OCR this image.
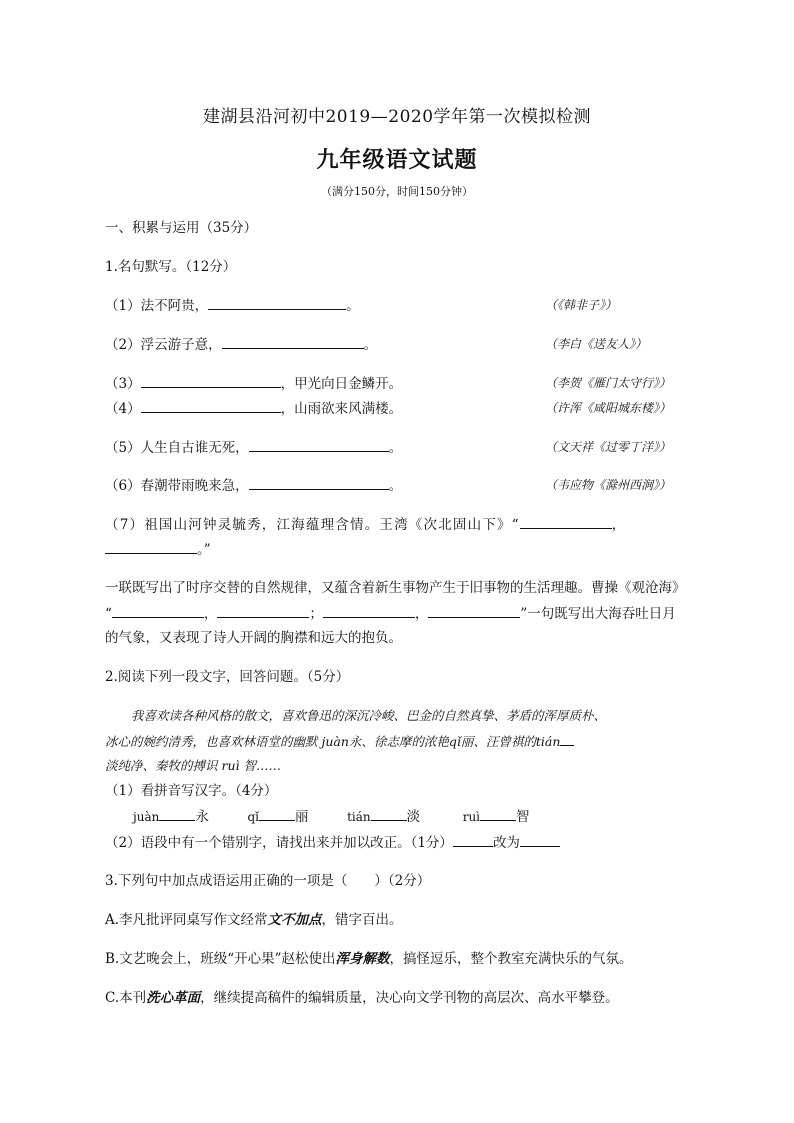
建湖县沿河初中2019—2020学年第一次模拟检测
九年级语文试题
（满分150分，时间150分钟）
一、积累与运用（35分）
1.名句默写。（12分）
（1）法不阿贵，	。	（《韩非子》）
（2）浮云游子意，	。	（李白《送友人》）
（3）	，甲光向日金鳞开。	（李贺《雁门太守行》）
（4）	，山雨欲来风满楼。	（许浑《咸阳城东楼》）
（5）人生自古谁无死，	。	（文天祥《过零丁洋》）
（6）春潮带雨晚来急，	。	（韦应物《滁州西涧》）
（7）祖国山河钟灵毓秀，江海蕴理含情。王湾《次北固山下》“	，
。”
一联既写出了时序交替的自然规律，又蕴含着新生事物产生于旧事物的生活理趣。曹操《观沧海》
“	，	；	，	”一句既写出大海吞吐日月
的气象，又表现了诗人开阔的胸襟和远大的抱负。
2.阅读下列一段文字，回答问题。（5分）
我喜欢读各种风格的散文，喜欢鲁迅的深沉冷峻、巴金的自然真挚、茅盾的浑厚质朴、
冰心的婉约清秀，也喜欢林语堂的幽默 juàn永、徐志摩的浓艳qǐ丽、汪曾祺的tián
淡纯净、秦牧的搏识 ruì 智……
（1）看拼音写汉字。（4分）
juàn	永	qǐ	丽	tián	淡	ruì	智
（2）语段中有一个错别字，请找出来并加以改正。（1分）	改为
3.下列句中加点成语运用正确的一项是（　　）（2分）
A.李凡批评同桌写作文经常文不加点，错字百出。
B.文艺晚会上，班级“开心果”赵松使出浑身解数，搞怪逗乐，整个教室充满快乐的气氛。
C.本刊洗心革面，继续提高稿件的编辑质量，决心向文学刊物的高层次、高水平攀登。
